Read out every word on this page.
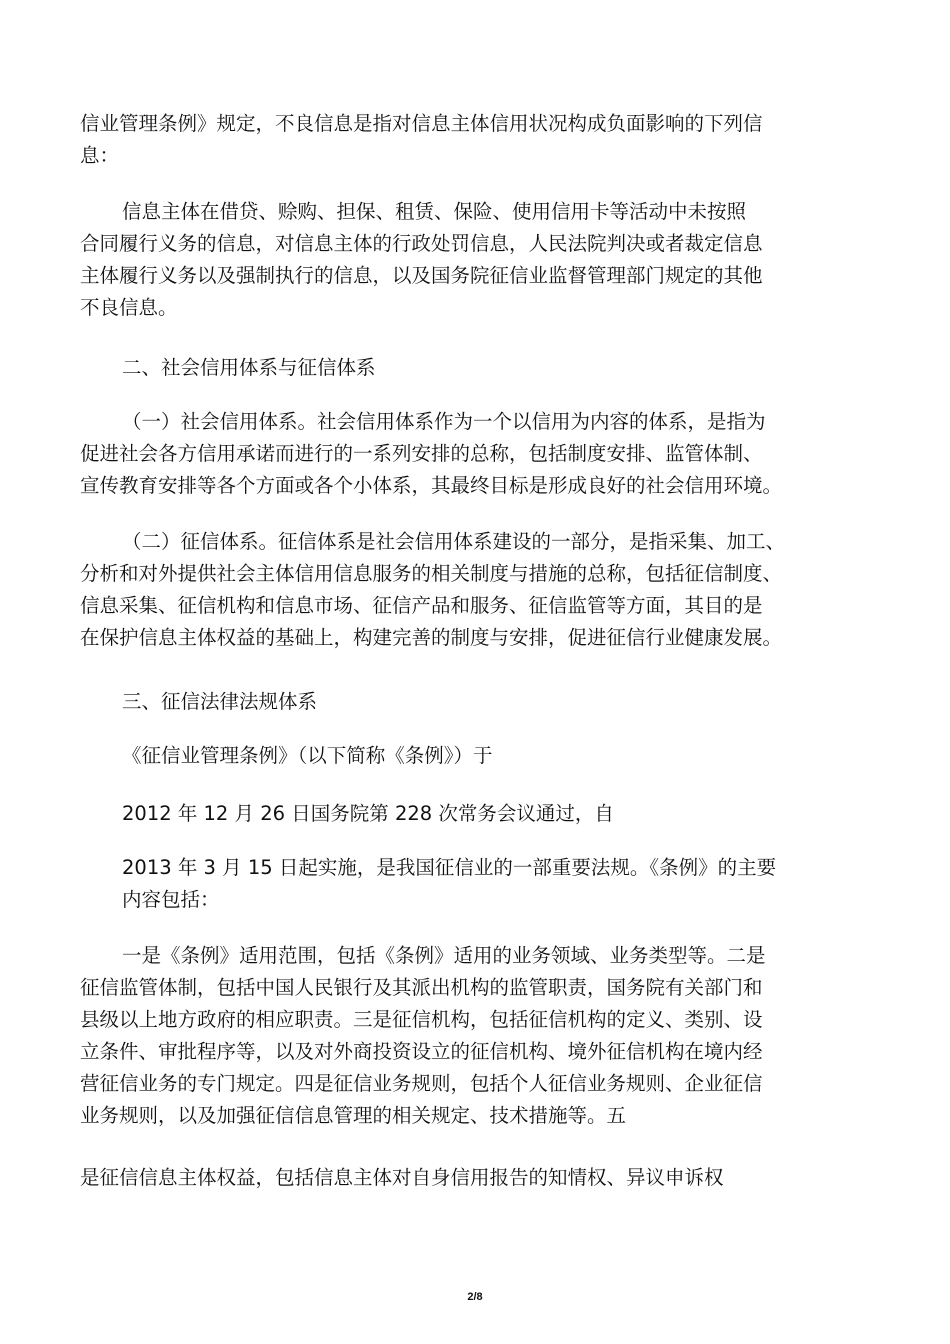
信业管理条例》规定，不良信息是指对信息主体信用状况构成负面影响的下列信
息：
信息主体在借贷、赊购、担保、租赁、保险、使用信用卡等活动中未按照
合同履行义务的信息，对信息主体的行政处罚信息，人民法院判决或者裁定信息
主体履行义务以及强制执行的信息，以及国务院征信业监督管理部门规定的其他
不良信息。
二、社会信用体系与征信体系
（一）社会信用体系。社会信用体系作为一个以信用为内容的体系，是指为
促进社会各方信用承诺而进行的一系列安排的总称，包括制度安排、监管体制、
宣传教育安排等各个方面或各个小体系，其最终目标是形成良好的社会信用环境。
（二）征信体系。征信体系是社会信用体系建设的一部分，是指采集、加工、
分析和对外提供社会主体信用信息服务的相关制度与措施的总称，包括征信制度、
信息采集、征信机构和信息市场、征信产品和服务、征信监管等方面，其目的是
在保护信息主体权益的基础上，构建完善的制度与安排，促进征信行业健康发展。
三、征信法律法规体系
《征信业管理条例》（以下简称《条例》）于
2012 年 12 月 26 日国务院第 228 次常务会议通过，自
2013 年 3 月 15 日起实施，是我国征信业的一部重要法规。《条例》的主要
内容包括：
一是《条例》适用范围，包括《条例》适用的业务领域、业务类型等。二是
征信监管体制，包括中国人民银行及其派出机构的监管职责，国务院有关部门和
县级以上地方政府的相应职责。三是征信机构，包括征信机构的定义、类别、设
立条件、审批程序等，以及对外商投资设立的征信机构、境外征信机构在境内经
营征信业务的专门规定。四是征信业务规则，包括个人征信业务规则、企业征信
业务规则，以及加强征信信息管理的相关规定、技术措施等。五
是征信信息主体权益，包括信息主体对自身信用报告的知情权、异议申诉权
2/8
